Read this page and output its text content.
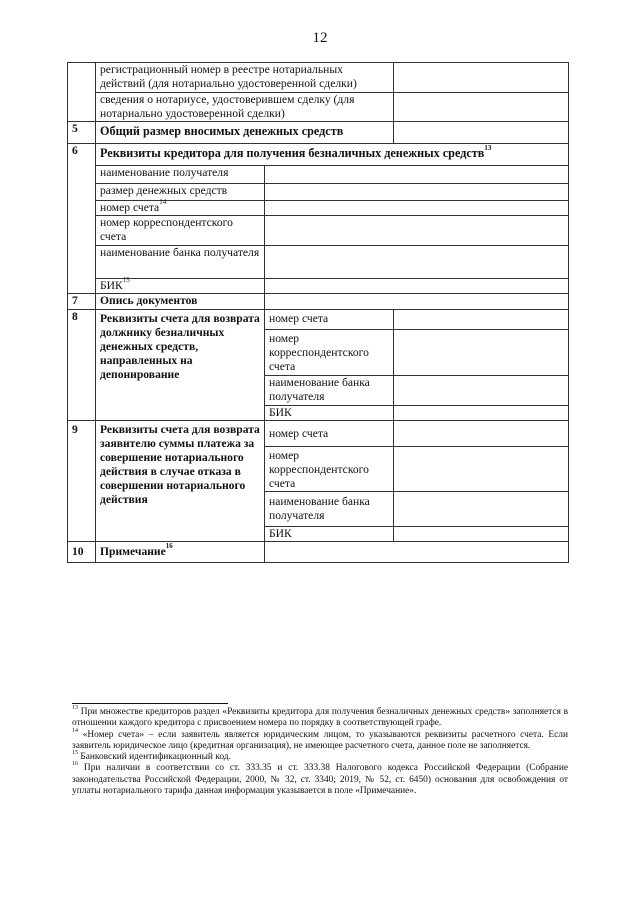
12
	регистрационный номер в реестре нотариальных действий (для нотариально удостоверенной сделки)		
	сведения о нотариусе, удостоверившем сделку (для нотариально удостоверенной сделки)		
5	Общий размер вносимых денежных средств		
6	Реквизиты кредитора для получения безналичных денежных средств$^{13}$
	наименование получателя		
	размер денежных средств		
	номер счета$^{14}$	
	номер корреспондентского счета		
	наименование банка получателя		
	БИК$^{15}$	
7	Опись документов		
8	Реквизиты счета для возврата должнику безналичных денежных средств, направленных на депонирование	номер счета	
		номер корреспондентского счета	
		наименование банка получателя	
		БИК	
9	Реквизиты счета для возврата заявителю суммы платежа за совершение нотариального действия в случае отказа в совершении нотариального действия	номер счета	
		номер корреспондентского счета	
		наименование банка получателя	
		БИК	
10	Примечание$^{16}$	

$^{13}$ При множестве кредиторов раздел «Реквизиты кредитора для получения безналичных денежных средств» заполняется в отношении каждого кредитора с присвоением номера по порядку в соответствующей графе.

$^{14}$ «Номер счета» – если заявитель является юридическим лицом, то указываются реквизиты расчетного счета. Если заявитель юридическое лицо (кредитная организация), не имеющее расчетного счета, данное поле не заполняется.

$^{15}$ Банковский идентификационный код.

$^{16}$ При наличии в соответствии со ст. 333.35 и ст. 333.38 Налогового кодекса Российской Федерации (Собрание законодательства Российской Федерации, 2000, № 32, ст. 3340; 2019, № 52, ст. 6450) основания для освобождения от уплаты нотариального тарифа данная информация указывается в поле «Примечание».
